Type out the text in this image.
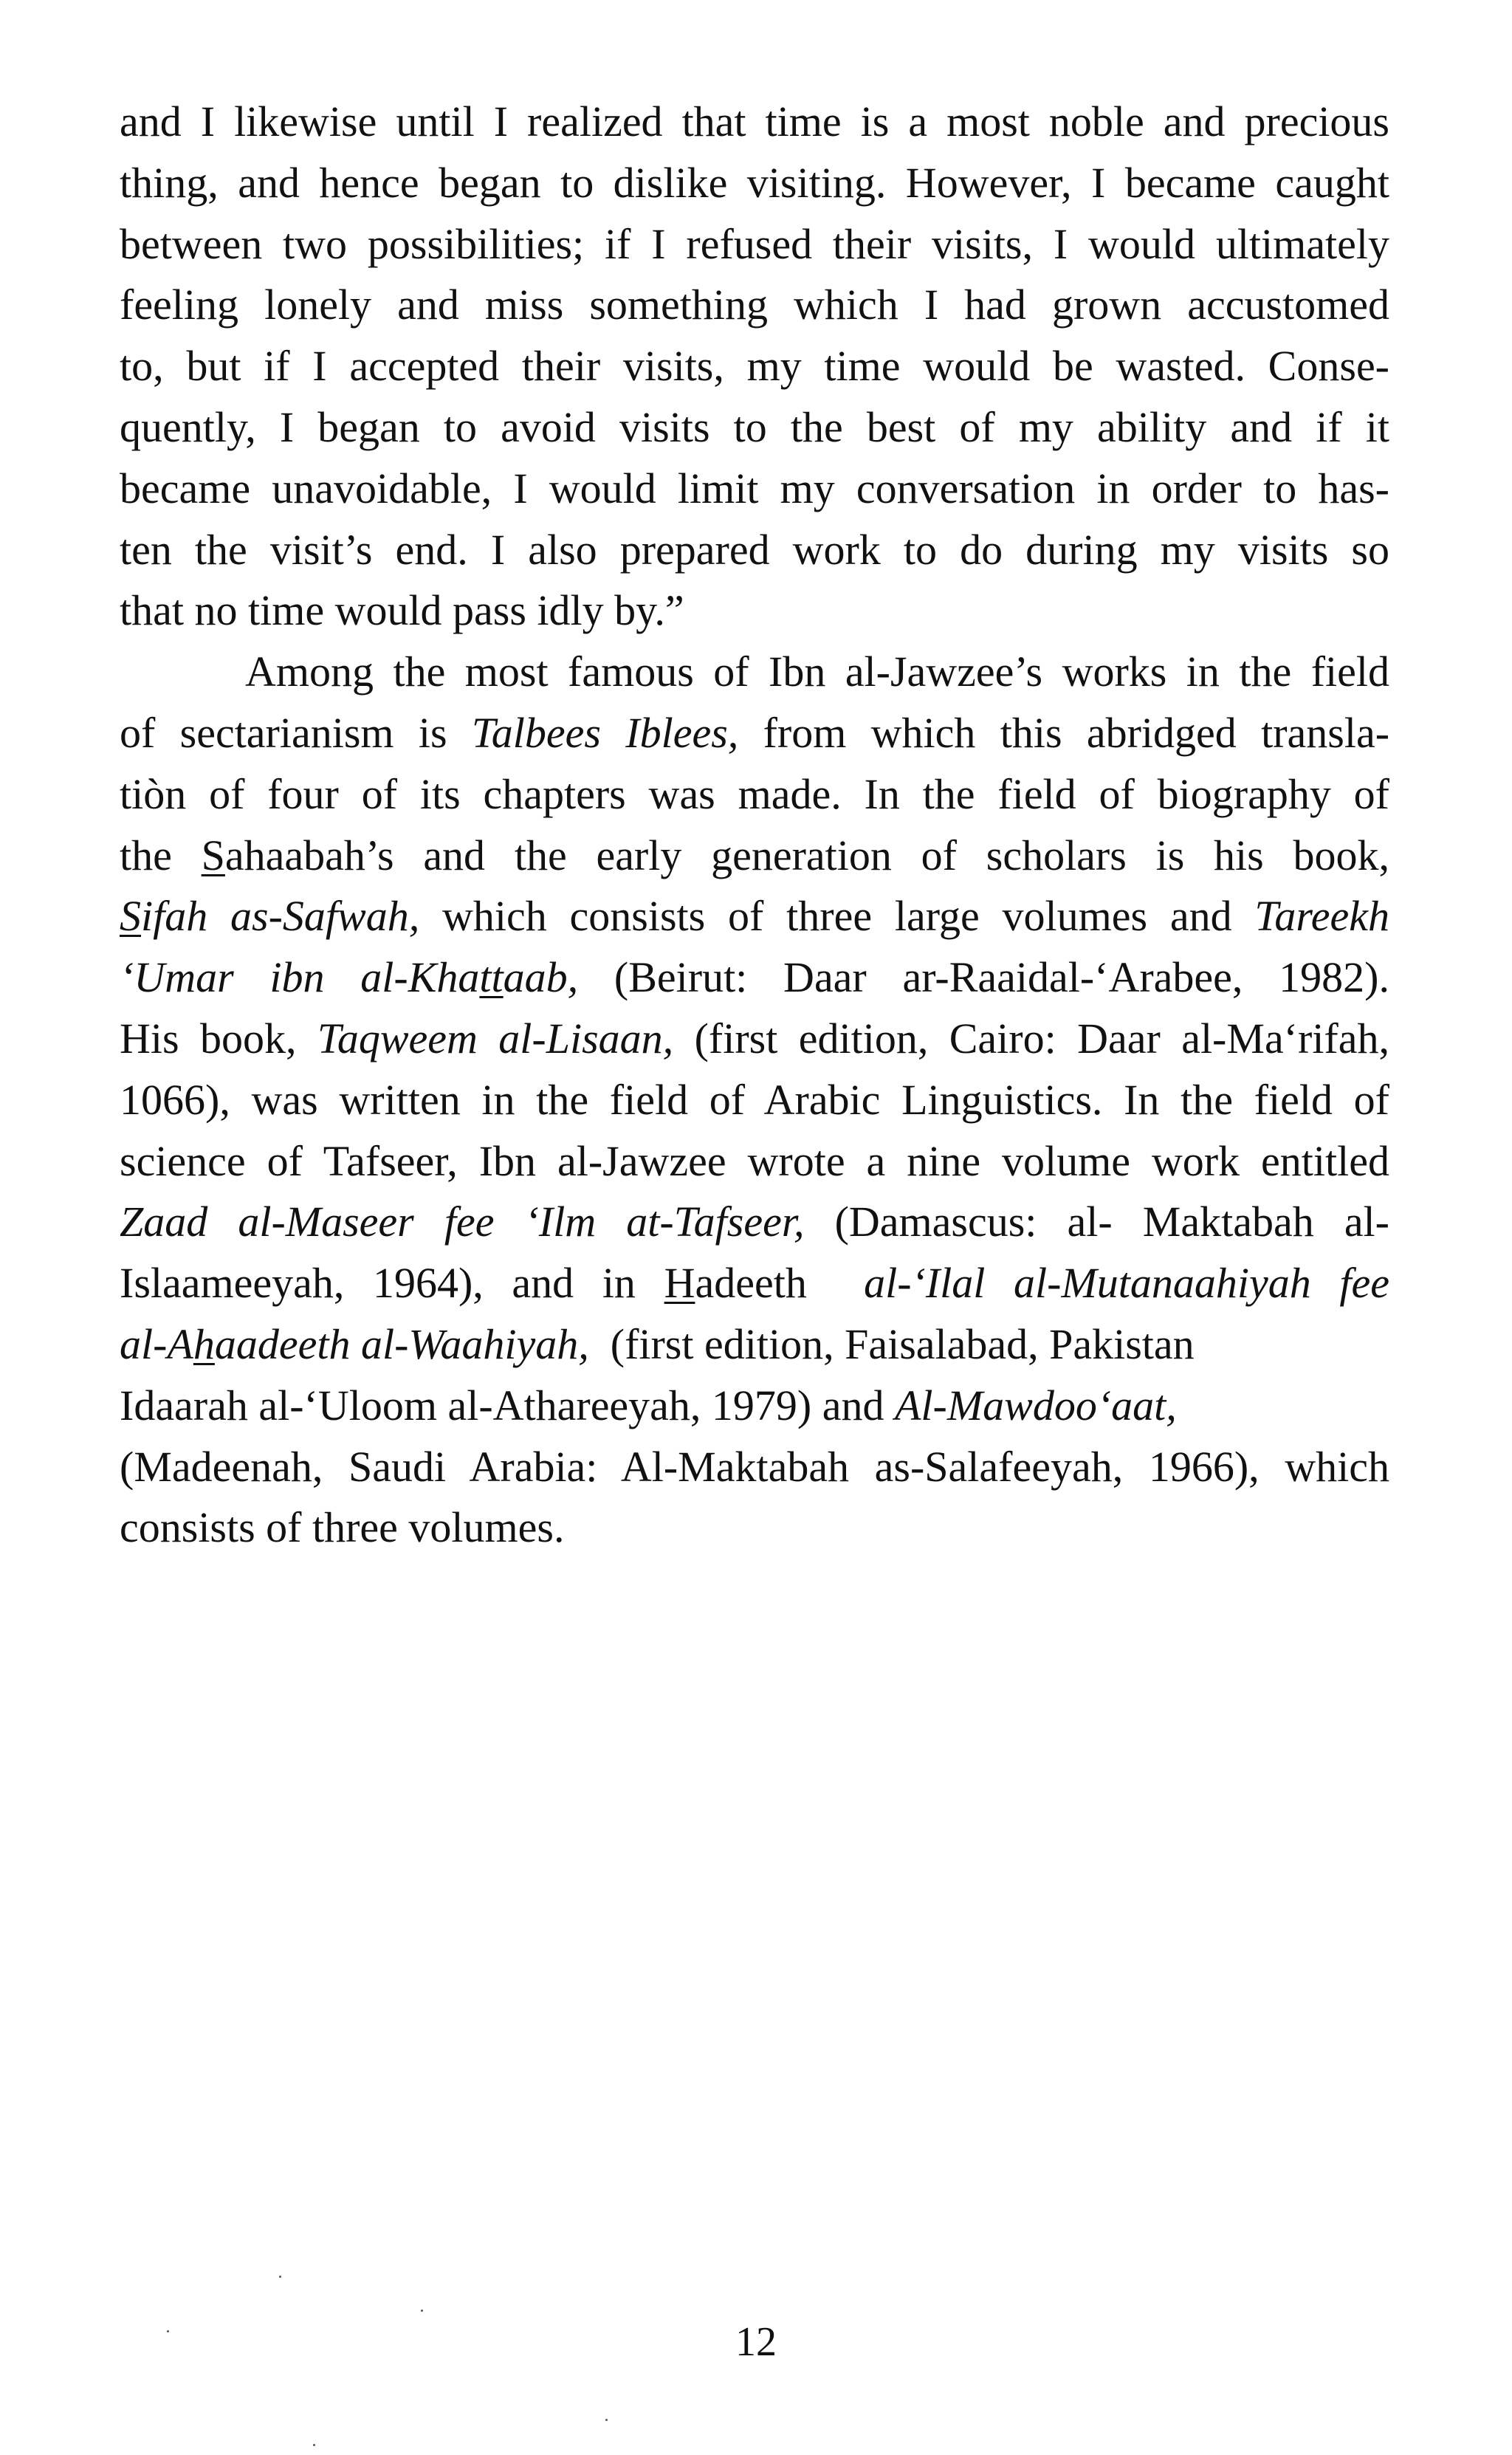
and I likewise until I realized that time is a most noble and precious
thing, and hence began to dislike visiting. However, I became caught
between two possibilities; if I refused their visits, I would ultimately
feeling lonely and miss something which I had grown accustomed
to, but if I accepted their visits, my time would be wasted. Conse-
quently, I began to avoid visits to the best of my ability and if it
became unavoidable, I would limit my conversation in order to has-
ten the visit’s end. I also prepared work to do during my visits so
that no time would pass idly by.”
Among the most famous of Ibn al-Jawzee’s works in the field
of sectarianism is Talbees Iblees, from which this abridged transla-
tiòn of four of its chapters was made. In the field of biography of
the Sahaabah’s and the early generation of scholars is his book,
Sifah as-Safwah, which consists of three large volumes and Tareekh
‘Umar ibn al-Khattaab, (Beirut: Daar ar-Raaidal-‘Arabee, 1982).
His book, Taqweem al-Lisaan, (first edition, Cairo: Daar al-Ma‘rifah,
1066), was written in the field of Arabic Linguistics. In the field of
science of Tafseer, Ibn al-Jawzee wrote a nine volume work entitled
Zaad al-Maseer fee ‘Ilm at-Tafseer, (Damascus: al- Maktabah al-
Islaameeyah, 1964), and in Hadeeth  al-‘Ilal al-Mutanaahiyah fee
al-Ahaadeeth al-Waahiyah,  (first edition, Faisalabad, Pakistan
Idaarah al-‘Uloom al-Athareeyah, 1979) and Al-Mawdoo‘aat,
(Madeenah, Saudi Arabia: Al-Maktabah as-Salafeeyah, 1966), which
consists of three volumes.
12
